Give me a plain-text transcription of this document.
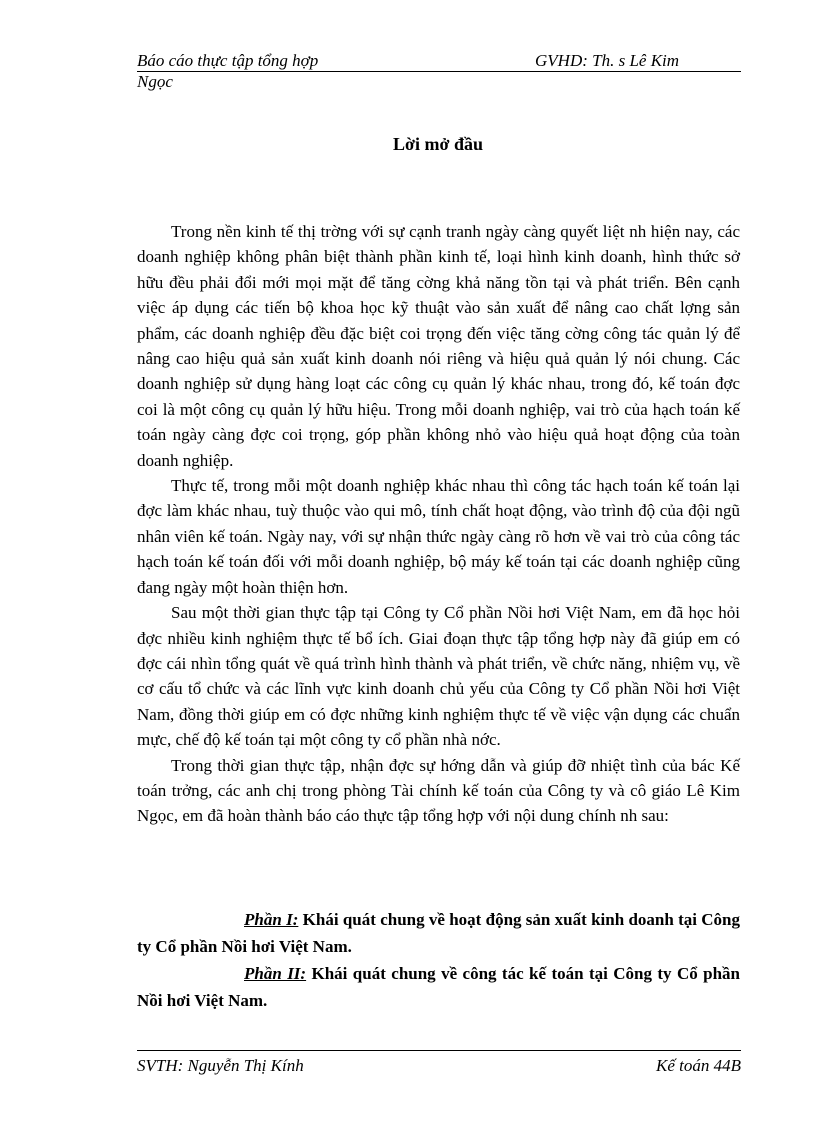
Báo cáo thực tập tổng hợp	GVHD: Th. s Lê Kim
Ngọc
Lời mở đầu

Trong nền kinh tế thị trờng với sự cạnh tranh ngày càng quyết liệt nh hiện nay, các doanh nghiệp không phân biệt thành phần kinh tế, loại hình kinh doanh, hình thức sở hữu đều phải đổi mới mọi mặt để tăng cờng khả năng tồn tại và phát triển. Bên cạnh việc áp dụng các tiến bộ khoa học kỹ thuật vào sản xuất để nâng cao chất lợng sản phẩm, các doanh nghiệp đều đặc biệt coi trọng đến việc tăng cờng công tác quản lý để nâng cao hiệu quả sản xuất kinh doanh nói riêng và hiệu quả quản lý nói chung. Các doanh nghiệp sử dụng hàng loạt các công cụ quản lý khác nhau, trong đó, kế toán đợc coi là một công cụ quản lý hữu hiệu. Trong mỗi doanh nghiệp, vai trò của hạch toán kế toán ngày càng đợc coi trọng, góp phần không nhỏ vào hiệu quả hoạt động của toàn doanh nghiệp.

Thực tế, trong mỗi một doanh nghiệp khác nhau thì công tác hạch toán kế toán lại đợc làm khác nhau, tuỳ thuộc vào qui mô, tính chất hoạt động, vào trình độ của đội ngũ nhân viên kế toán. Ngày nay, với sự nhận thức ngày càng rõ hơn về vai trò của công tác hạch toán kế toán đối với mỗi doanh nghiệp, bộ máy kế toán tại các doanh nghiệp cũng đang ngày một hoàn thiện hơn.

Sau một thời gian thực tập tại Công ty Cổ phần Nồi hơi Việt Nam, em đã học hỏi đợc nhiều kinh nghiệm thực tế bổ ích. Giai đoạn thực tập tổng hợp này đã giúp em có đợc cái nhìn tổng quát về quá trình hình thành và phát triển, về chức năng, nhiệm vụ, về cơ cấu tổ chức và các lĩnh vực kinh doanh chủ yếu của Công ty Cổ phần Nồi hơi Việt Nam, đồng thời giúp em có đợc những kinh nghiệm thực tế về việc vận dụng các chuẩn mực, chế độ kế toán tại một công ty cổ phần nhà nớc.

Trong thời gian thực tập, nhận đợc sự hớng dẫn và giúp đỡ nhiệt tình của bác Kế toán trởng, các anh chị trong phòng Tài chính kế toán của Công ty và cô giáo Lê Kim Ngọc, em đã hoàn thành báo cáo thực tập tổng hợp với nội dung chính nh sau:

Phần I: Khái quát chung về hoạt động sản xuất kinh doanh tại Công ty Cổ phần Nồi hơi Việt Nam.

Phần II: Khái quát chung về công tác kế toán tại Công ty Cổ phần Nồi hơi Việt Nam.

SVTH: Nguyễn Thị Kính	Kế toán 44B
